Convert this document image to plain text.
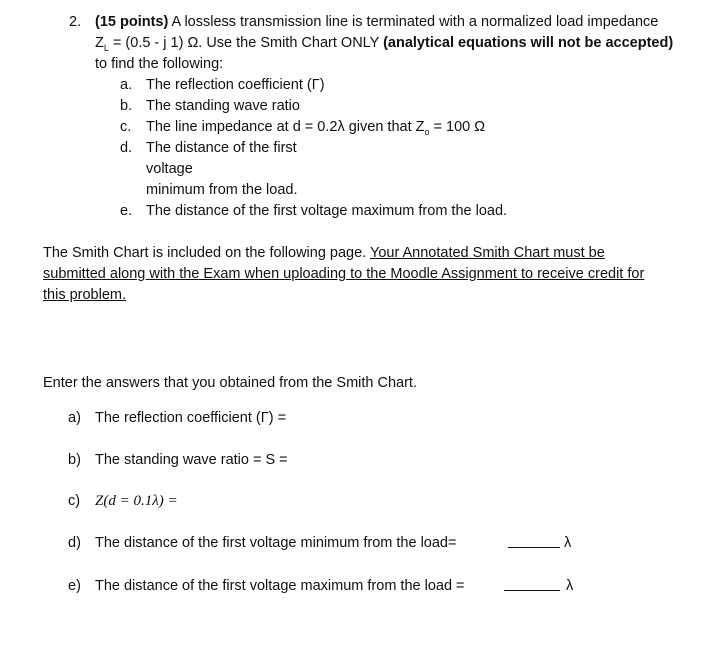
2. (15 points) A lossless transmission line is terminated with a normalized load impedance
$Z_L = (0.5 - j$ 1) Ω. Use the Smith Chart ONLY (analytical equations will not be accepted)
to find the following:
a. The reflection coefficient (Γ)
b. The standing wave ratio
c. The line impedance at d = 0.2λ given that $Z_o = 100$ Ω
d. The distance of the first
voltage
minimum from the load.
e. The distance of the first voltage maximum from the load.
The Smith Chart is included on the following page. Your Annotated Smith Chart must be
submitted along with the Exam when uploading to the Moodle Assignment to receive credit for
this problem.
Enter the answers that you obtained from the Smith Chart.
a) The reflection coefficient (Γ) =
b) The standing wave ratio = S =
c) Z(d = 0.1λ) =
d) The distance of the first voltage minimum from the load=	λ
e) The distance of the first voltage maximum from the load =	λ
